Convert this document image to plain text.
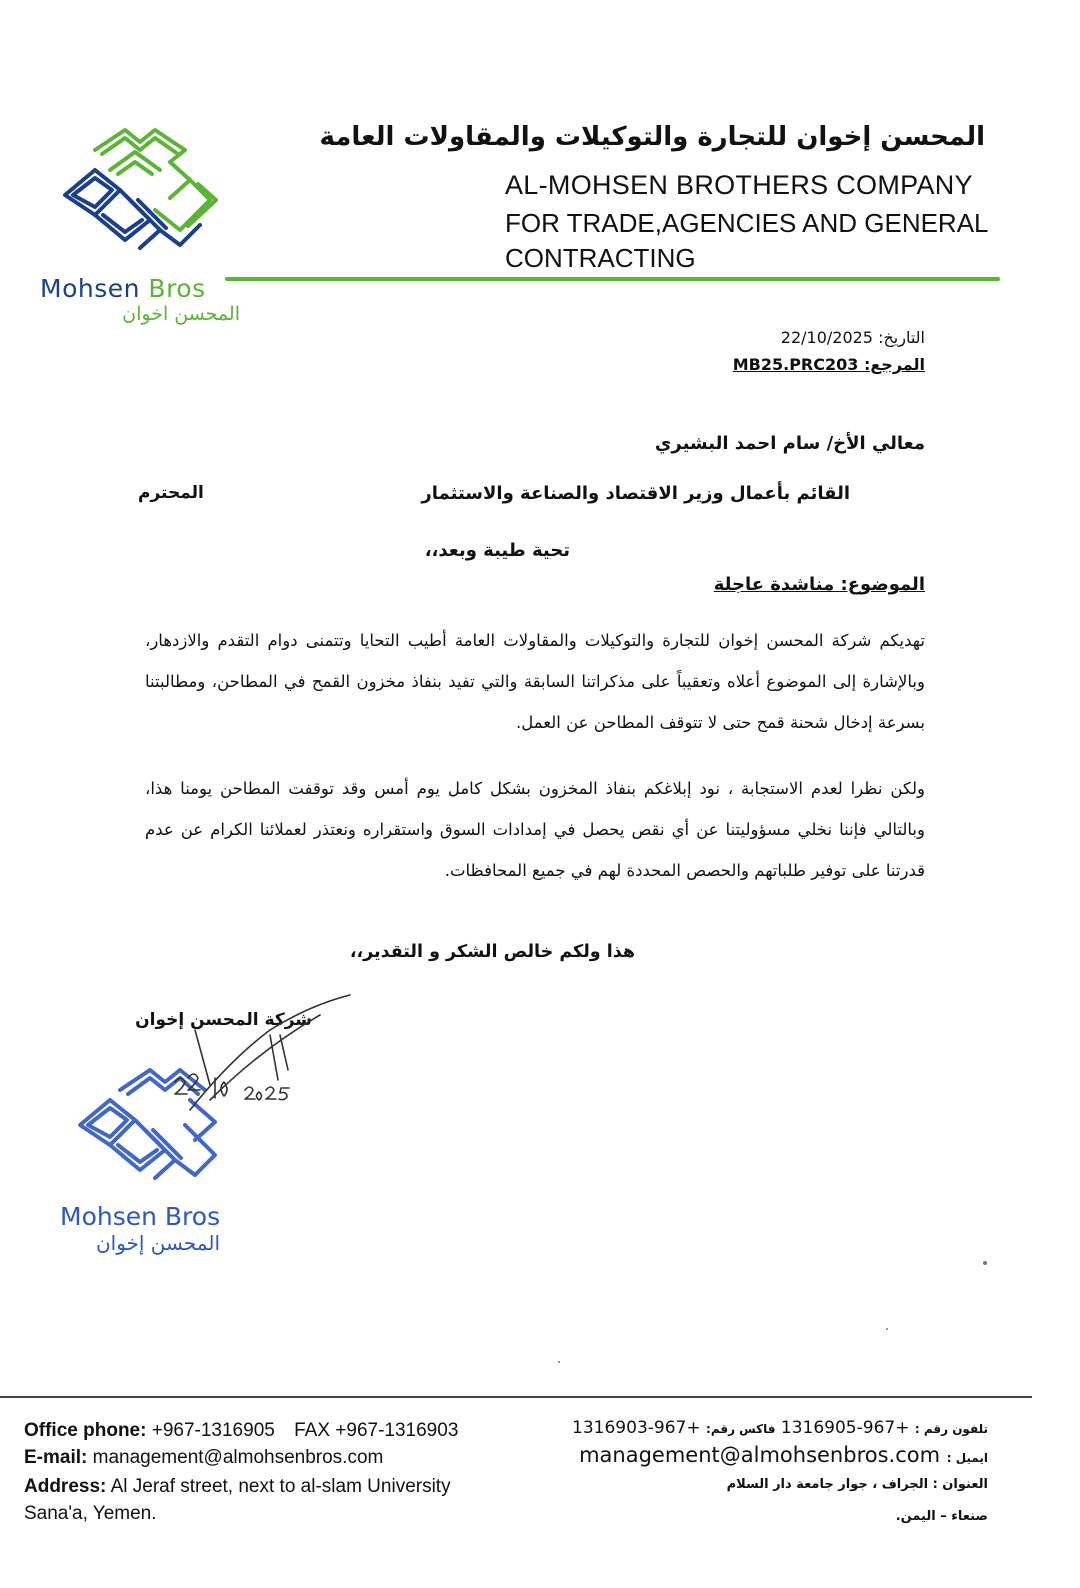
Mohsen Bros
المحسن اخوان
المحسن إخوان للتجارة والتوكيلات والمقاولات العامة
AL-MOHSEN BROTHERS COMPANY
FOR TRADE,AGENCIES AND GENERAL
CONTRACTING
التاريخ: 22/10/2025
المرجع: MB25.PRC203
معالي الأخ/ سام احمد البشيري
القائم بأعمال وزير الاقتصاد والصناعة والاستثمار
المحترم
تحية طيبة وبعد،،
الموضوع: مناشدة عاجلة
تهديكم شركة المحسن إخوان للتجارة والتوكيلات والمقاولات العامة أطيب التحايا وتتمنى دوام التقدم والازدهار، وبالإشارة إلى الموضوع أعلاه وتعقيباً على مذكراتنا السابقة والتي تفيد بنفاذ مخزون القمح في المطاحن، ومطالبتنا بسرعة إدخال شحنة قمح حتى لا تتوقف المطاحن عن العمل.
ولكن نظرا لعدم الاستجابة ، نود إبلاغكم بنفاذ المخزون بشكل كامل يوم أمس وقد توقفت المطاحن يومنا هذا، وبالتالي فإننا نخلي مسؤوليتنا عن أي نقص يحصل في إمدادات السوق واستقراره ونعتذر لعملائنا الكرام عن عدم قدرتنا على توفير طلباتهم والحصص المحددة لهم في جميع المحافظات.
هذا ولكم خالص الشكر و التقدير،،
شركة المحسن إخوان
Mohsen Bros
المحسن إخوان
Office phone: +967-1316905 FAX +967-1316903
E-mail: management@almohsenbros.com
Address: Al Jeraf street, next to al-slam University
Sana'a, Yemen.
تلفون رقم : +967-1316905 فاكس رقم: +967-1316903
ايميل : management@almohsenbros.com
العنوان : الجراف ، جوار جامعة دار السلام
صنعاء – اليمن.
